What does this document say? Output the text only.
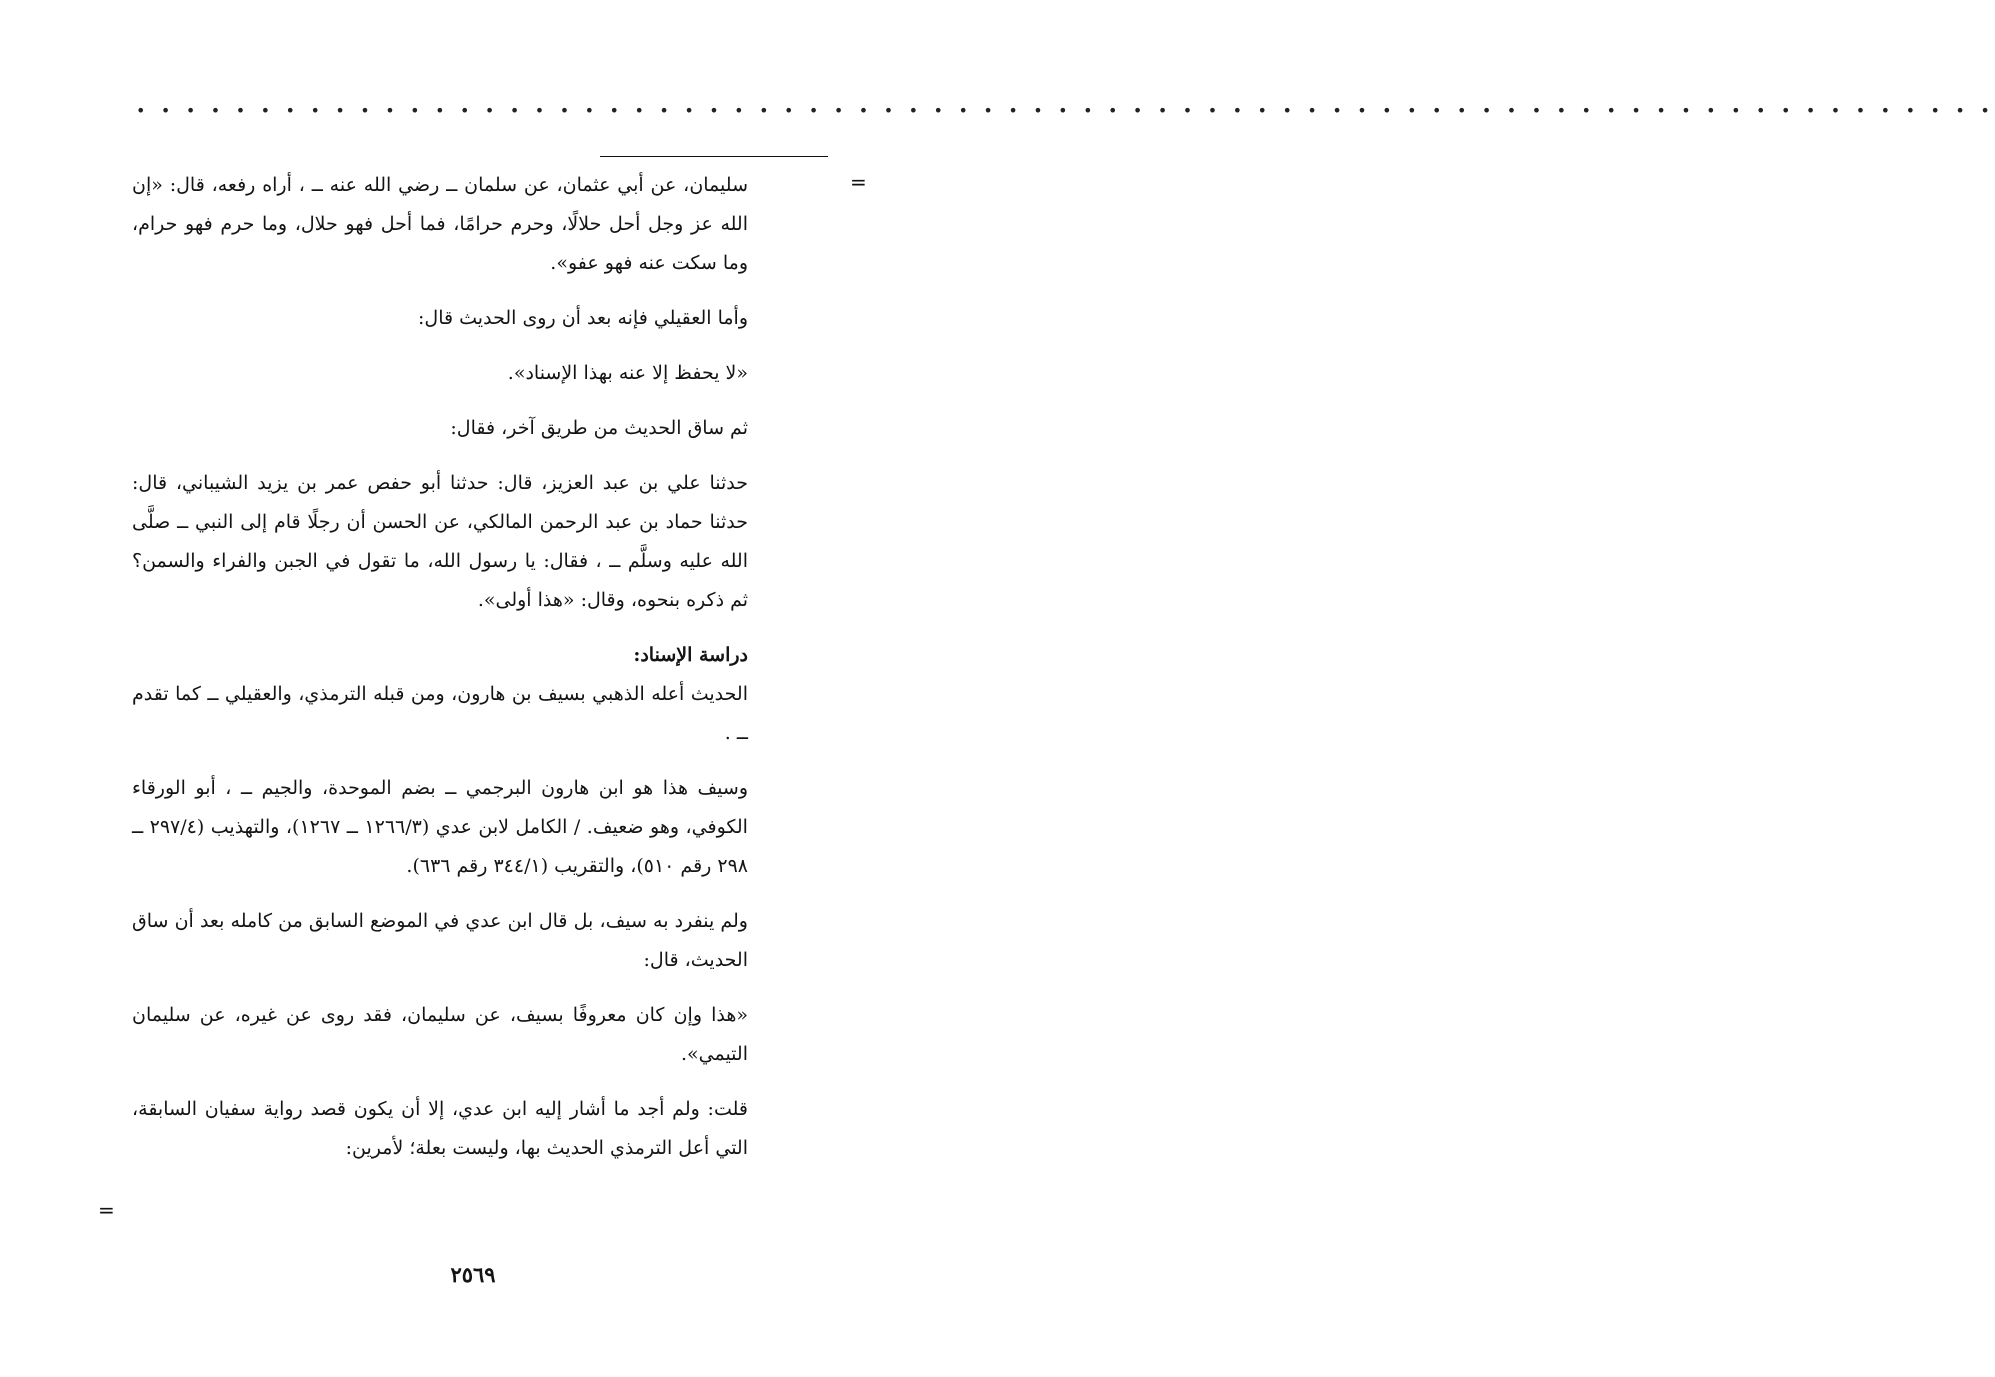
• • • • • • • • • • • • • • • • • • • • • • • • • • • • • • • • • • • • • • • • • • • • • • • • • • • • • • • • • • • • • • • • • • • • • • • • • • •
=

سليمان، عن أبي عثمان، عن سلمان ــ رضي الله عنه ــ ، أراه رفعه، قال: «إن الله عز وجل أحل حلالًا، وحرم حرامًا، فما أحل فهو حلال، وما حرم فهو حرام، وما سكت عنه فهو عفو».

وأما العقيلي فإنه بعد أن روى الحديث قال:

«لا يحفظ إلا عنه بهذا الإسناد».

ثم ساق الحديث من طريق آخر، فقال:

حدثنا علي بن عبد العزيز، قال: حدثنا أبو حفص عمر بن يزيد الشيباني، قال: حدثنا حماد بن عبد الرحمن المالكي، عن الحسن أن رجلًا قام إلى النبي ــ صلَّى الله عليه وسلَّم ــ ، فقال: يا رسول الله، ما تقول في الجبن والفراء والسمن؟ ثم ذكره بنحوه، وقال: «هذا أولى».

دراسة الإسناد:

الحديث أعله الذهبي بسيف بن هارون، ومن قبله الترمذي، والعقيلي ــ كما تقدم ــ .

وسيف هذا هو ابن هارون البرجمي ــ بضم الموحدة، والجيم ــ ، أبو الورقاء الكوفي، وهو ضعيف. / الكامل لابن عدي (١٢٦٦/٣ ــ ١٢٦٧)، والتهذيب (٢٩٧/٤ ــ ٢٩٨ رقم ٥١٠)، والتقريب (٣٤٤/١ رقم ٦٣٦).

ولم ينفرد به سيف، بل قال ابن عدي في الموضع السابق من كامله بعد أن ساق الحديث، قال:

«هذا وإن كان معروفًا بسيف، عن سليمان، فقد روى عن غيره، عن سليمان التيمي».

قلت: ولم أجد ما أشار إليه ابن عدي، إلا أن يكون قصد رواية سفيان السابقة، التي أعل الترمذي الحديث بها، وليست بعلة؛ لأمرين:

=
٢٥٦٩
